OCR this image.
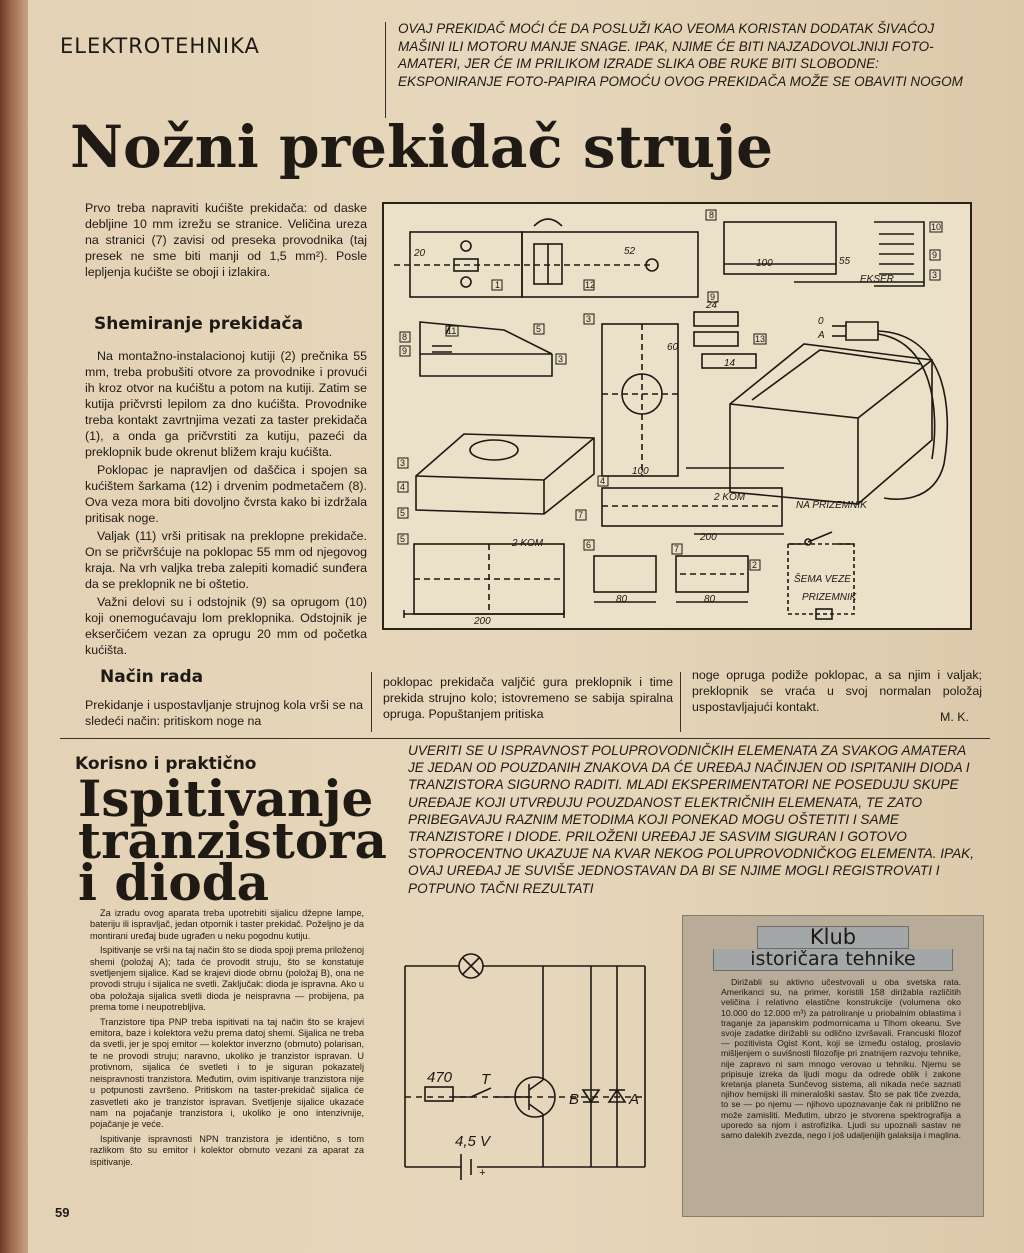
ELEKTROTEHNIKA
OVAJ PREKIDAČ MOĆI ĆE DA POSLUŽI KAO VEOMA KORISTAN DODATAK ŠIVAĆOJ MAŠINI ILI MOTORU MANJE SNAGE. IPAK, NJIME ĆE BITI NAJZADOVOLJNIJI FOTO-AMATERI, JER ĆE IM PRILIKOM IZRADE SLIKA OBE RUKE BITI SLOBODNE: EKSPONIRANJE FOTO-PAPIRA POMOĆU OVOG PREKIDAČA MOŽE SE OBAVITI NOGOM
Nožni prekidač struje
Prvo treba napraviti kućište prekidača: od daske debljine 10 mm izrežu se stranice. Veličina ureza na stranici (7) zavisi od preseka provodnika (taj presek ne sme biti manji od 1,5 mm²). Posle lepljenja kućište se oboji i izlakira.
Shemiranje prekidača

Na montažno-instalacionoj kutiji (2) prečnika 55 mm, treba probušiti otvore za provodnike i provući ih kroz otvor na kućištu a potom na kutiji. Zatim se kutija pričvrsti lepilom za dno kućišta. Provodnike treba kontakt zavrtnjima vezati za taster prekidača (1), a onda ga pričvrstiti za kutiju, pazeći da preklopnik bude okrenut bližem kraju kućišta.

Poklopac je napravljen od daščica i spojen sa kućištem šarkama (12) i drvenim podmetačem (8). Ova veza mora biti dovoljno čvrsta kako bi izdržala pritisak noge.

Valjak (11) vrši pritisak na preklopne prekidače. On se pričvršćuje na poklopac 55 mm od njegovog kraja. Na vrh valjka treba zalepiti komadić sunđera da se preklopnik ne bi oštetio.

Važni delovi su i odstojnik (9) sa oprugom (10) koji onemogućavaju lom preklopnika. Odstojnik je ekserčićem vezan za oprugu 20 mm od početka kućišta.

Način rada
Prekidanje i uspostavljanje strujnog kola vrši se na sledeći način: pritiskom noge na
poklopac prekidača valjčić gura preklopnik i time prekida strujno kolo; istovremeno se sabija spiralna opruga. Popuštanjem pritiska
noge opruga podiže poklopac, a sa njim i valjak; preklopnik se vraća u svoj normalan položaj uspostavljajući kontakt.
M. K.
20	52
100	55
EKSER
60
24
14
100
2 KOM
2 KOM
200
200
80	80
NA PRIZEMNIK
ŠEMA VEZE
PRIZEMNIK
0
A
1	12
8
10
9
3
8
9
11	5
3
3
9
13
3
4
5
5
4
7
6	7
2
Korisno i praktično
Ispitivanje
tranzistora
i dioda
UVERITI SE U ISPRAVNOST POLUPROVODNIČKIH ELEMENATA ZA SVAKOG AMATERA JE JEDAN OD POUZDANIH ZNAKOVA DA ĆE UREĐAJ NAČINJEN OD ISPITANIH DIODA I TRANZISTORA SIGURNO RADITI. MLADI EKSPERIMENTATORI NE POSEDUJU SKUPE UREĐAJE KOJI UTVRĐUJU POUZDANOST ELEKTRIČNIH ELEMENATA, TE ZATO PRIBEGAVAJU RAZNIM METODIMA KOJI PONEKAD MOGU OŠTETITI I SAME TRANZISTORE I DIODE. PRILOŽENI UREĐAJ JE SASVIM SIGURAN I GOTOVO STOPROCENTNO UKAZUJE NA KVAR NEKOG POLUPROVODNIČKOG ELEMENTA. IPAK, OVAJ UREĐAJ JE SUVIŠE JEDNOSTAVAN DA BI SE NJIME MOGLI REGISTROVATI I POTPUNO TAČNI REZULTATI

Za izradu ovog aparata treba upotrebiti sijalicu džepne lampe, bateriju ili ispravljač, jedan otpornik i taster prekidač. Poželjno je da montirani uređaj bude ugrađen u neku pogodnu kutiju.

Ispitivanje se vrši na taj način što se dioda spoji prema priloženoj shemi (položaj A); tada će provodit struju, što se konstatuje svetljenjem sijalice. Kad se krajevi diode obrnu (položaj B), ona ne provodi struju i sijalica ne svetli. Zaključak: dioda je ispravna. Ako u oba položaja sijalica svetli dioda je neispravna — probijena, pa prema tome i neupotrebljiva.

Tranzistore tipa PNP treba ispitivati na taj način što se krajevi emitora, baze i kolektora vežu prema datoj shemi. Sijalica ne treba da svetli, jer je spoj emitor — kolektor inverzno (obrnuto) polarisan, te ne provodi struju; naravno, ukoliko je tranzistor ispravan. U protivnom, sijalica će svetleti i to je siguran pokazatelj neispravnosti tranzistora. Međutim, ovim ispitivanje tranzistora nije u potpunosti završeno. Pritiskom na taster-prekidač sijalica će zasvetleti ako je tranzistor ispravan. Svetljenje sijalice ukazaće nam na pojačanje tranzistora i, ukoliko je ono intenzivnije, pojačanje je veće.

Ispitivanje ispravnosti NPN tranzistora je identično, s tom razlikom što su emitor i kolektor obrnuto vezani za aparat za ispitivanje.

470 T
4,5 V
+
B	A
Klub
istoričara tehnike
Dirižabli su aktivno učestvovali u oba svetska rata. Amerikanci su, na primer, koristili 158 dirižabla različitih veličina i relativno elastične konstrukcije (volumena oko 10.000 do 12.000 m³) za patroliranje u priobalnim oblastima i traganje za japanskim podmornicama u Tihom okeanu. Sve svoje zadatke dirižabli su odlično izvršavali. Francuski filozof — pozitivista Ogist Kont, koji se između ostalog, proslavio mišljenjem o suvišnosti filozofije pri znatnijem razvoju tehnike, nije zapravo ni sam mnogo verovao u tehniku. Njemu se pripisuje izreka da ljudi mogu da odrede oblik i zakone kretanja planeta Sunčevog sistema, ali nikada neće saznati njihov hemijski ili mineraloški sastav. Što se pak tiče zvezda, to se — po njemu — njihovo upoznavanje čak ni približno ne može zamisliti. Međutim, ubrzo je stvorena spektrografija a uporedo sa njom i astrofizika. Ljudi su upoznali sastav ne samo dalekih zvezda, nego i još udaljenijih galaksija i maglina.
59
